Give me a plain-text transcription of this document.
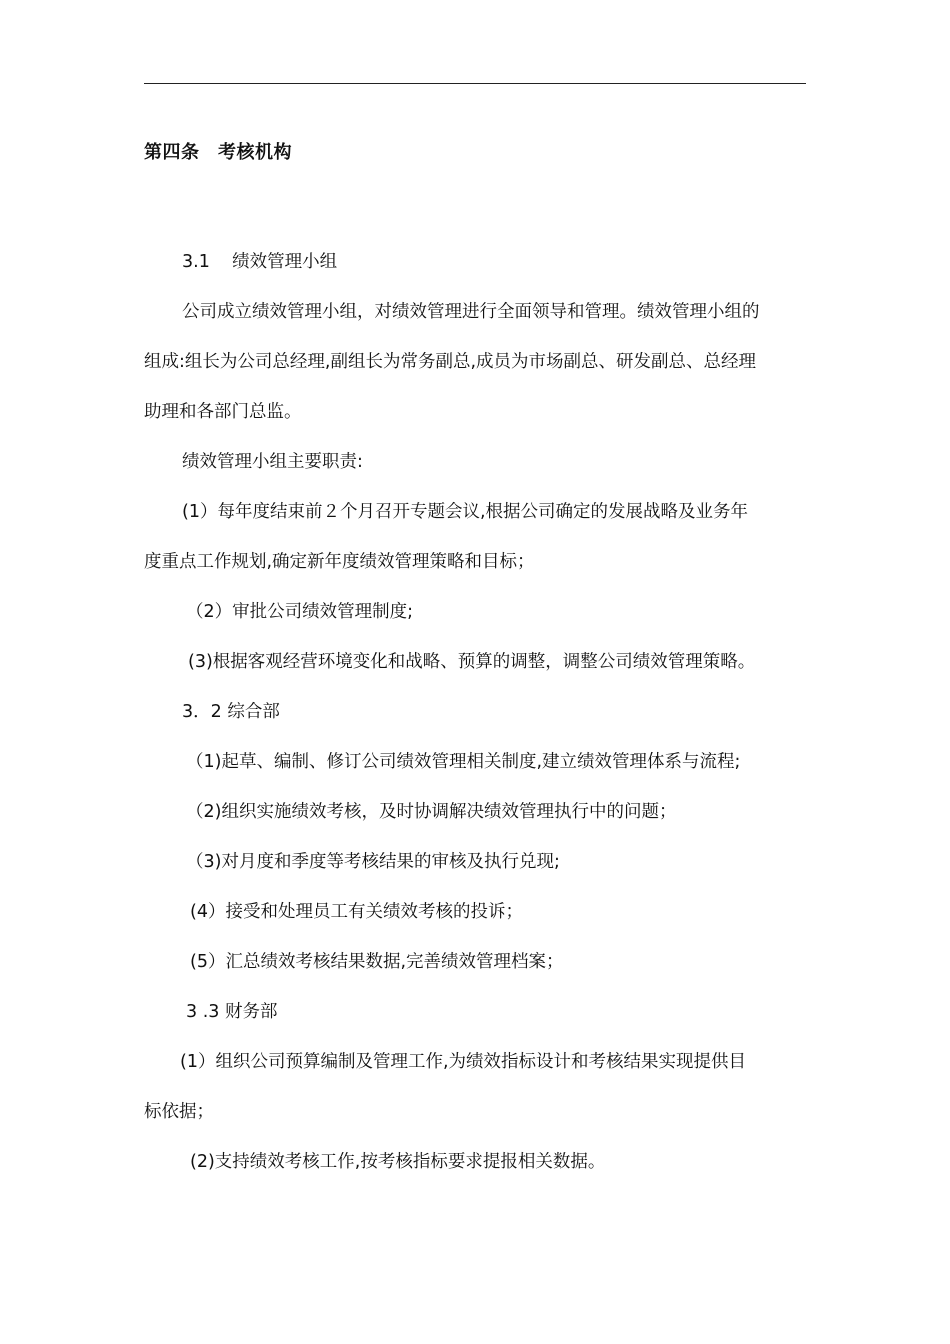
第四条　考核机构
3.1    绩效管理小组
公司成立绩效管理小组，对绩效管理进行全面领导和管理。绩效管理小组的
组成:组长为公司总经理,副组长为常务副总,成员为市场副总、研发副总、总经理
助理和各部门总监。
绩效管理小组主要职责:
(1）每年度结束前２个月召开专题会议,根据公司确定的发展战略及业务年
度重点工作规划,确定新年度绩效管理策略和目标；
（2）审批公司绩效管理制度;
(3)根据客观经营环境变化和战略、预算的调整，调整公司绩效管理策略。
3．2 综合部
（1)起草、编制、修订公司绩效管理相关制度,建立绩效管理体系与流程;
（2)组织实施绩效考核，及时协调解决绩效管理执行中的问题；
（3)对月度和季度等考核结果的审核及执行兑现;
(4）接受和处理员工有关绩效考核的投诉；
(5）汇总绩效考核结果数据,完善绩效管理档案；
3 .3 财务部
(1）组织公司预算编制及管理工作,为绩效指标设计和考核结果实现提供目
标依据；
(2)支持绩效考核工作,按考核指标要求提报相关数据。
